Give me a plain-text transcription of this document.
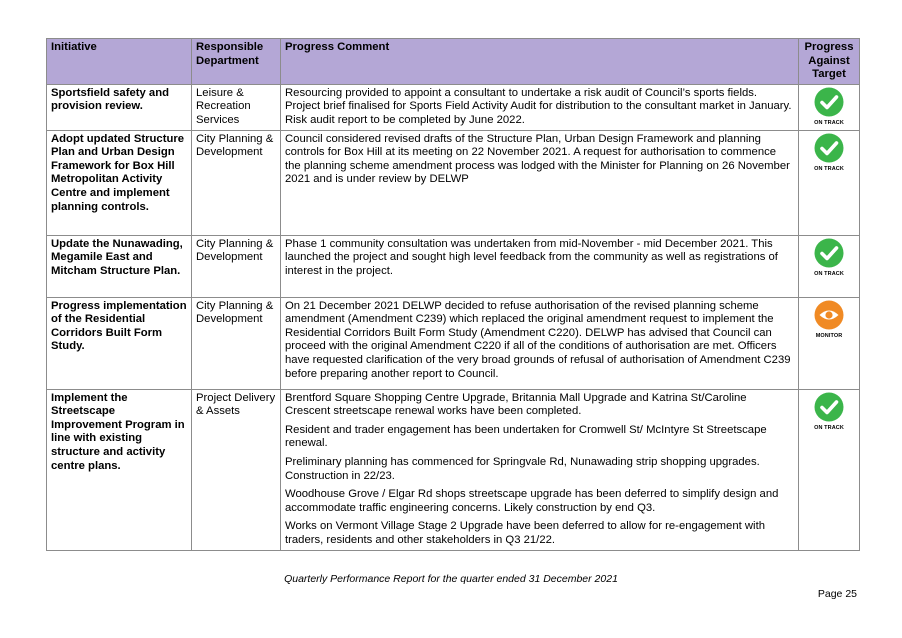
Initiative	Responsible Department	Progress Comment	Progress Against Target
Sportsfield safety and provision review.	Leisure & Recreation Services	Resourcing provided to appoint a consultant to undertake a risk audit of Council’s sports fields. Project brief finalised for Sports Field Activity Audit for distribution to the consultant market in January. Risk audit report to be completed by June 2022.	ON TRACK

Adopt updated Structure Plan and Urban Design Framework for Box Hill Metropolitan Activity Centre and implement planning controls.	City Planning & Development	Council considered revised drafts of the Structure Plan, Urban Design Framework and planning controls for Box Hill at its meeting on 22 November 2021. A request for authorisation to commence the planning scheme amendment process was lodged with the Minister for Planning on 26 November 2021 and is under review by DELWP	ON TRACK

Update the Nunawading, Megamile East and Mitcham Structure Plan.	City Planning & Development	Phase 1 community consultation was undertaken from mid-November - mid December 2021. This launched the project and sought high level feedback from the community as well as registrations of interest in the project.	ON TRACK

Progress implementation of the Residential Corridors Built Form Study.	City Planning & Development	On 21 December 2021 DELWP decided to refuse authorisation of the revised planning scheme amendment (Amendment C239) which replaced the original amendment request to implement the Residential Corridors Built Form Study (Amendment C220). DELWP has advised that Council can proceed with the original Amendment C220 if all of the conditions of authorisation are met. Officers have requested clarification of the very broad grounds of refusal of authorisation of Amendment C239 before preparing another report to Council.	MONITOR

Implement the Streetscape Improvement Program in line with existing structure and activity centre plans.	Project Delivery & Assets	Brentford Square Shopping Centre Upgrade, Britannia Mall Upgrade and Katrina St/Caroline Crescent streetscape renewal works have been completed.

Resident and trader engagement has been undertaken for Cromwell St/ McIntyre St Streetscape renewal.

Preliminary planning has commenced for Springvale Rd, Nunawading strip shopping upgrades. Construction in 22/23.

Woodhouse Grove / Elgar Rd shops streetscape upgrade has been deferred to simplify design and accommodate traffic engineering concerns. Likely construction by end Q3.

Works on Vermont Village Stage 2 Upgrade have been deferred to allow for re-engagement with traders, residents and other stakeholders in Q3 21/22.	ON TRACK
Quarterly Performance Report for the quarter ended 31 December 2021
Page 25
